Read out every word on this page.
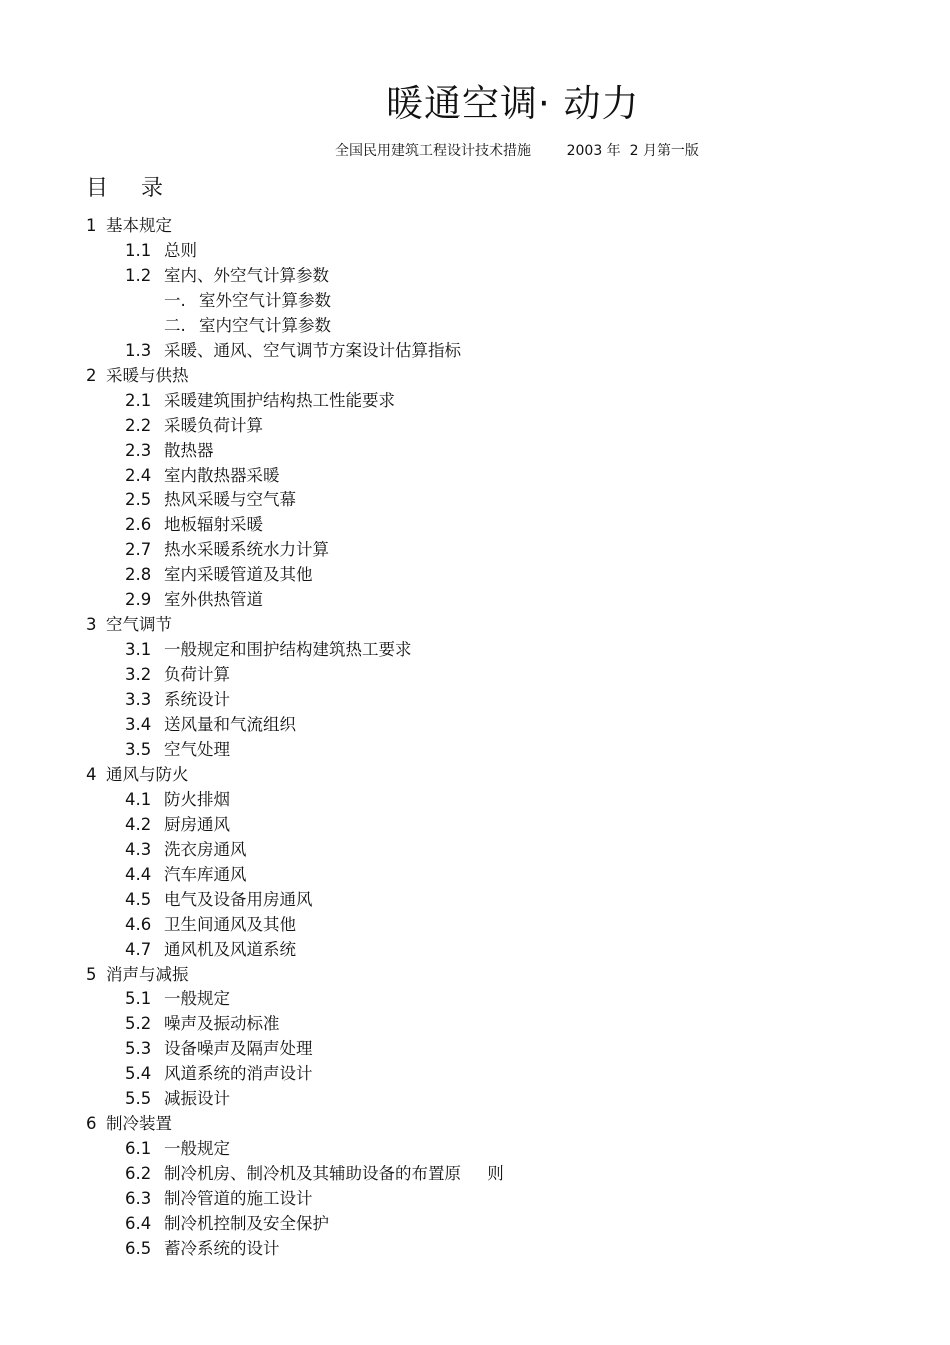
暖通空调· 动力
全国民用建筑工程设计技术措施        2003 年  2 月第一版
目    录
1 基本规定
1.1 总则
1.2 室内、外空气计算参数
一. 室外空气计算参数
二. 室内空气计算参数
1.3 采暖、通风、空气调节方案设计估算指标
2 采暖与供热
2.1 采暖建筑围护结构热工性能要求
2.2 采暖负荷计算
2.3 散热器
2.4 室内散热器采暖
2.5 热风采暖与空气幕
2.6 地板辐射采暖
2.7 热水采暖系统水力计算
2.8 室内采暖管道及其他
2.9 室外供热管道
3 空气调节
3.1 一般规定和围护结构建筑热工要求
3.2 负荷计算
3.3 系统设计
3.4 送风量和气流组织
3.5 空气处理
4 通风与防火
4.1 防火排烟
4.2 厨房通风
4.3 洗衣房通风
4.4 汽车库通风
4.5 电气及设备用房通风
4.6 卫生间通风及其他
4.7 通风机及风道系统
5 消声与减振
5.1 一般规定
5.2 噪声及振动标准
5.3 设备噪声及隔声处理
5.4 风道系统的消声设计
5.5 减振设计
6 制冷装置
6.1 一般规定
6.2 制冷机房、制冷机及其辅助设备的布置原     则
6.3 制冷管道的施工设计
6.4 制冷机控制及安全保护
6.5 蓄冷系统的设计
